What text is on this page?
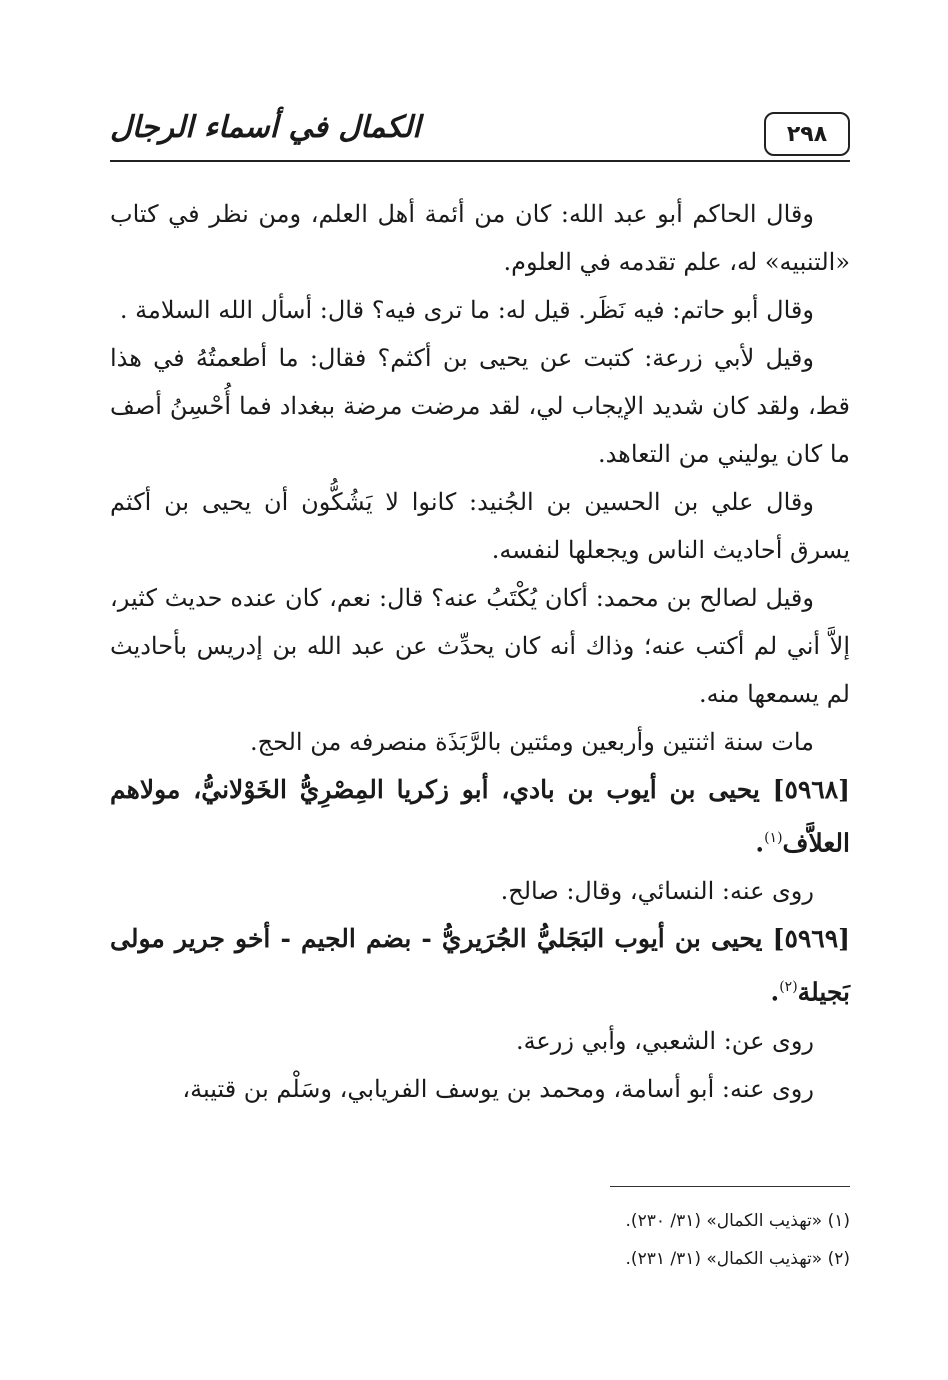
٢٩٨
الكمال في أسماء الرجال

وقال الحاكم أبو عبد الله: كان من أئمة أهل العلم، ومن نظر في كتاب «التنبيه» له، علم تقدمه في العلوم.

وقال أبو حاتم: فيه نَظَر. قيل له: ما ترى فيه؟ قال: أسأل الله السلامة .

وقيل لأبي زرعة: كتبت عن يحيى بن أكثم؟ فقال: ما أطعمتُهُ في هذا قط، ولقد كان شديد الإيجاب لي، لقد مرضت مرضة ببغداد فما أُحْسِنُ أصف ما كان يوليني من التعاهد.

وقال علي بن الحسين بن الجُنيد: كانوا لا يَشُكُّون أن يحيى بن أكثم يسرق أحاديث الناس ويجعلها لنفسه.

وقيل لصالح بن محمد: أكان يُكْتَبُ عنه؟ قال: نعم، كان عنده حديث كثير، إلاَّ أني لم أكتب عنه؛ وذاك أنه كان يحدِّث عن عبد الله بن إدريس بأحاديث لم يسمعها منه.

مات سنة اثنتين وأربعين ومئتين بالرَّبَذَة منصرفه من الحج.

[٥٩٦٨] يحيى بن أيوب بن بادي، أبو زكريا المِصْرِيُّ الخَوْلانيُّ، مولاهم العلاَّف$^{(١)}$.

روى عنه: النسائي، وقال: صالح.

[٥٩٦٩] يحيى بن أيوب البَجَليُّ الجُرَيريُّ - بضم الجيم - أخو جرير مولى بَجيلة$^{(٢)}$.

روى عن: الشعبي، وأبي زرعة.

روى عنه: أبو أسامة، ومحمد بن يوسف الفريابي، وسَلْم بن قتيبة،

(١) «تهذيب الكمال» (٣١/ ٢٣٠).

(٢) «تهذيب الكمال» (٣١/ ٢٣١).
